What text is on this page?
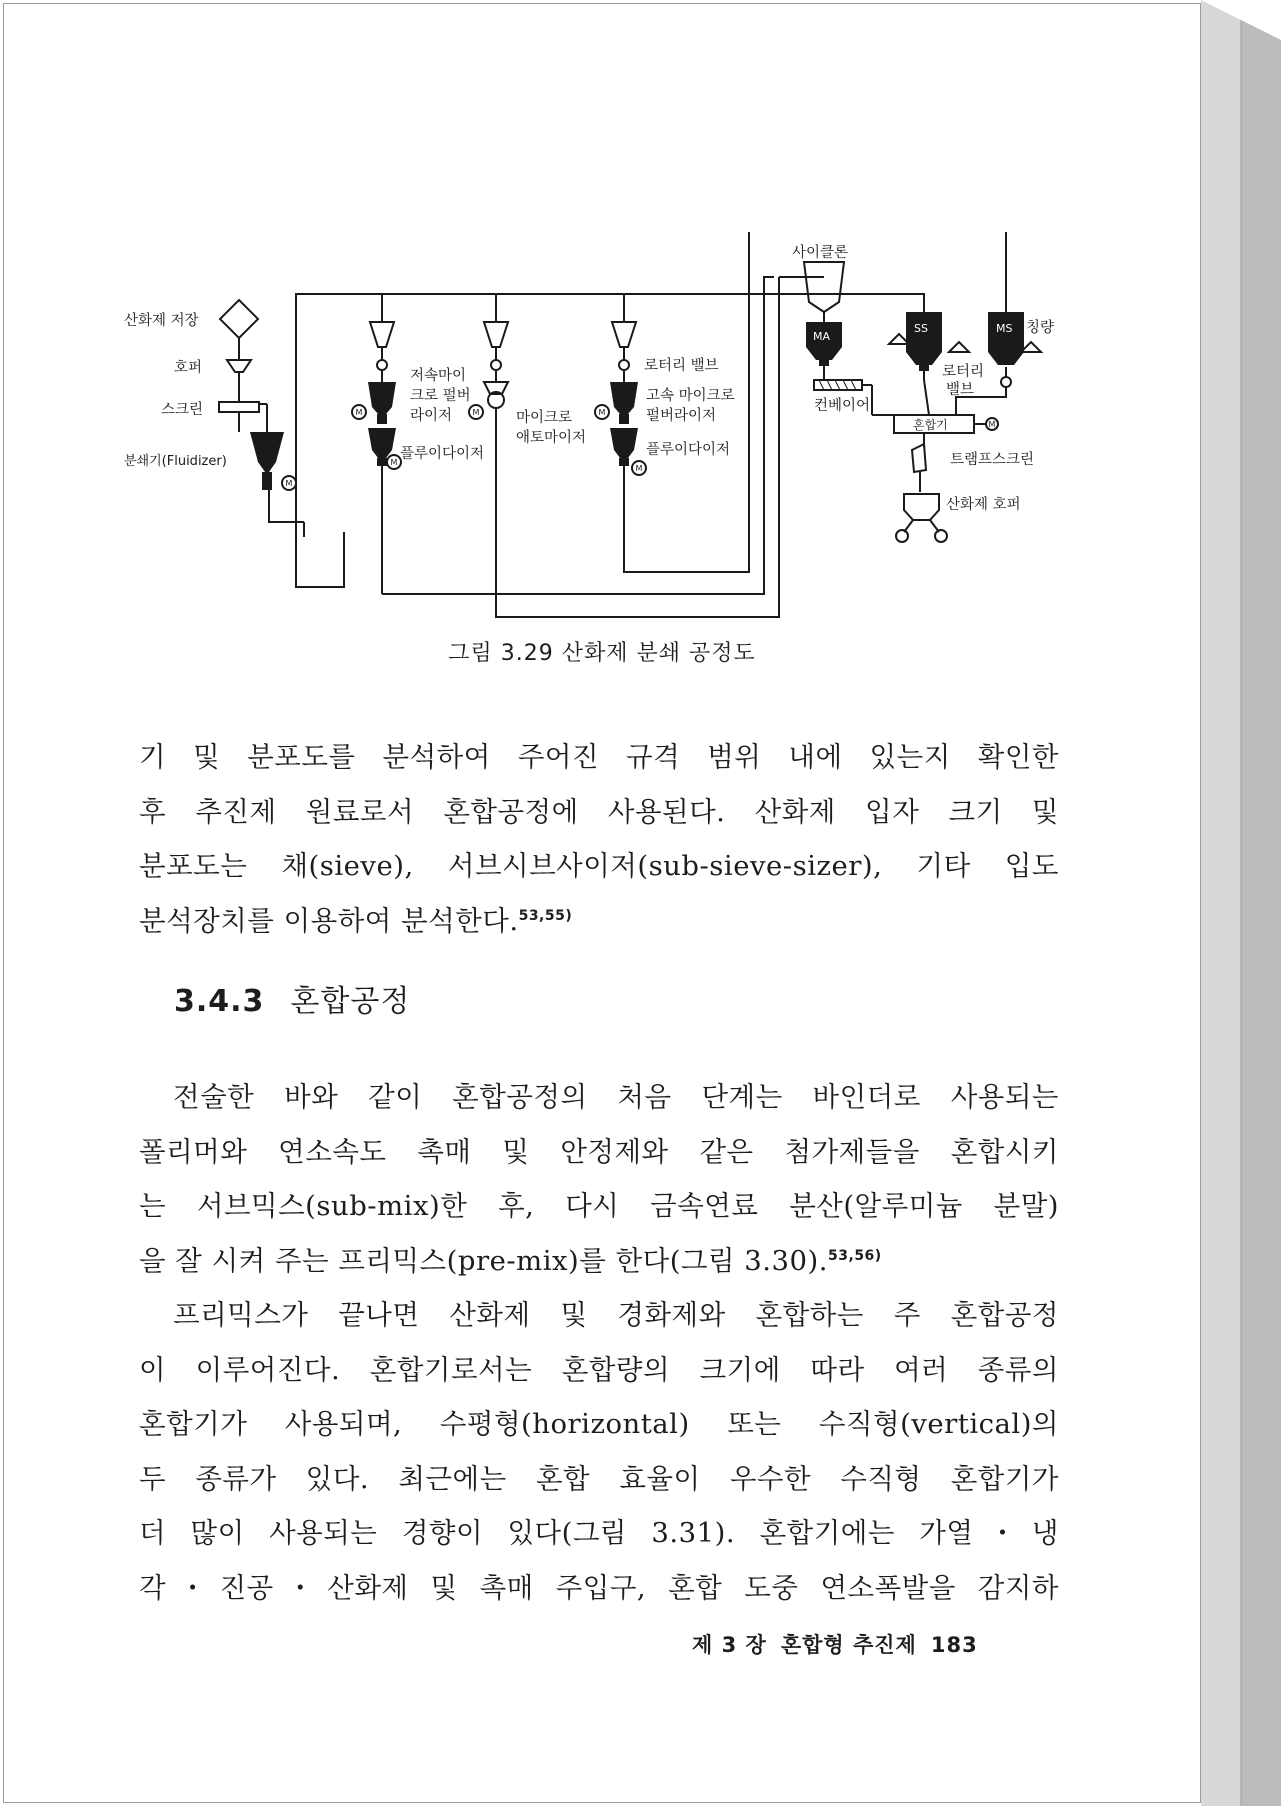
M
M
M
M	M
M
M
MA
SS	MS
산화제 저장
호퍼
스크린
분쇄기(Fluidizer)
저속마이
크로 펄버
라이저
플루이다이저
마이크로
애토마이저
로터리 밸브
고속 마이크로
펄버라이저
플루이다이저
사이클론
칭량
로터리
밸브
컨베이어
혼합기
트램프스크린
산화제 호퍼
그림 3.29 산화제 분쇄 공정도
기 및 분포도를 분석하여 주어진 규격 범위 내에 있는지 확인한
후 추진제 원료로서 혼합공정에 사용된다. 산화제 입자 크기 및
분포도는 채(sieve), 서브시브사이저(sub-sieve-sizer), 기타 입도
분석장치를 이용하여 분석한다.$^{53,55)}$
3.4.3 혼합공정
전술한 바와 같이 혼합공정의 처음 단계는 바인더로 사용되는
폴리머와 연소속도 촉매 및 안정제와 같은 첨가제들을 혼합시키
는 서브믹스(sub-mix)한 후, 다시 금속연료 분산(알루미늄 분말)
을 잘 시켜 주는 프리믹스(pre-mix)를 한다(그림 3.30).$^{53,56)}$
프리믹스가 끝나면 산화제 및 경화제와 혼합하는 주 혼합공정
이 이루어진다. 혼합기로서는 혼합량의 크기에 따라 여러 종류의
혼합기가 사용되며, 수평형(horizontal) 또는 수직형(vertical)의
두 종류가 있다. 최근에는 혼합 효율이 우수한 수직형 혼합기가
더 많이 사용되는 경향이 있다(그림 3.31). 혼합기에는 가열・냉
각・진공・산화제 및 촉매 주입구, 혼합 도중 연소폭발을 감지하
제 3 장 혼합형 추진제 183
